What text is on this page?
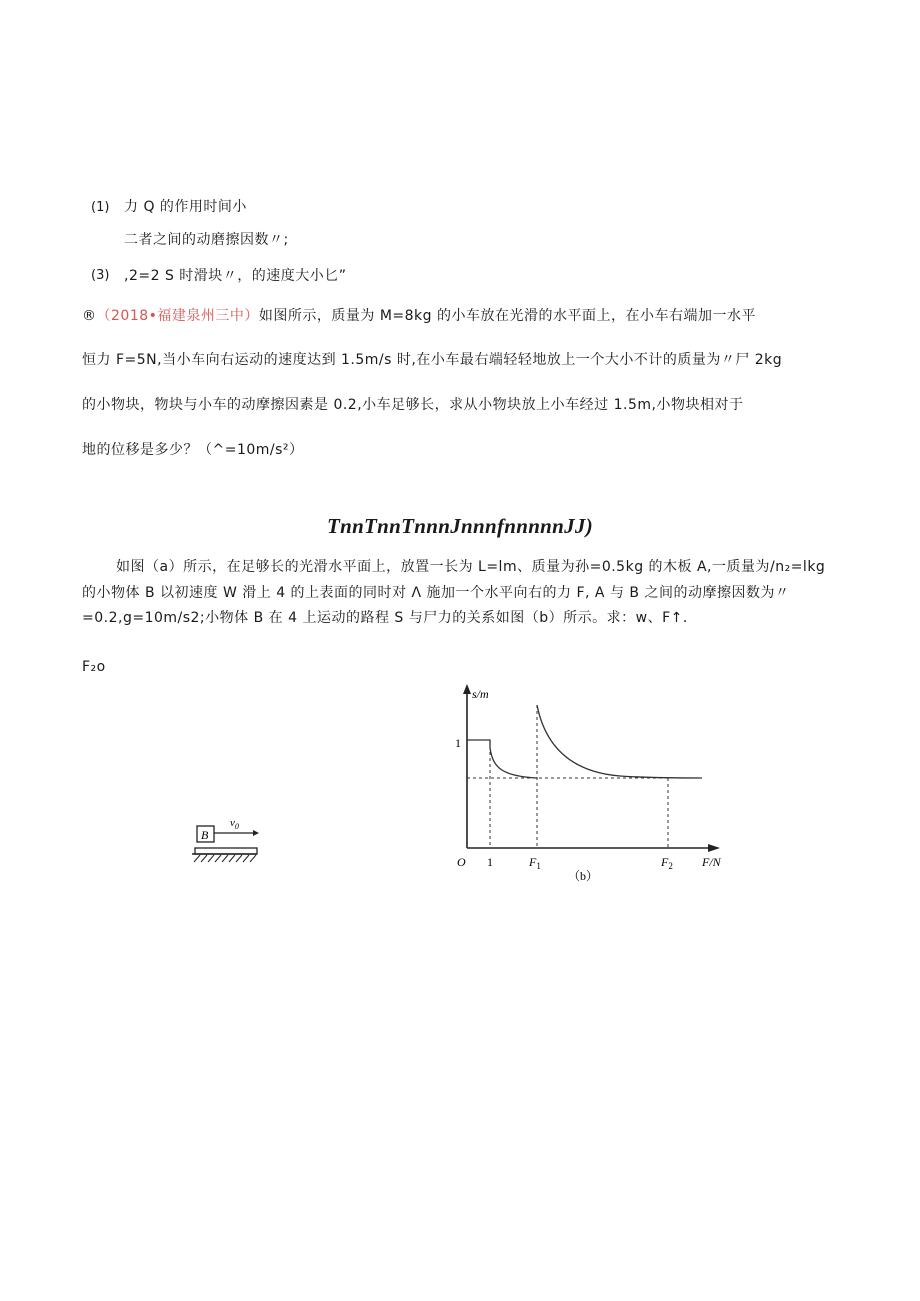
(1) 力 Q 的作用时间小
二者之间的动磨擦因数〃;
(3) ,2=2 S 时滑块〃，的速度大小匕”
®（2018•福建泉州三中）如图所示，质量为 M=8kg 的小车放在光滑的水平面上，在小车右端加一水平
恒力 F=5N,当小车向右运动的速度达到 1.5m/s 时,在小车最右端轻轻地放上一个大小不计的质量为〃尸 2kg
的小物块，物块与小车的动摩擦因素是 0.2,小车足够长，求从小物块放上小车经过 1.5m,小物块相对于
地的位移是多少？（^=10m/s²）
TnnTnnTnnnJnnnfnnnnnJJ)
如图（a）所示，在足够长的光滑水平面上，放置一长为 L=lm、质量为孙=0.5kg 的木板 A,一质量为/n₂=lkg
的小物体 B 以初速度 W 滑上 4 的上表面的同时对 Λ 施加一个水平向右的力 F, A 与 B 之间的动摩擦因数为〃
=0.2,g=10m/s2;小物体 B 在 4 上运动的路程 S 与尸力的关系如图（b）所示。求：w、F↑.
F₂o
B
$v_0$
s/m
1
O 1	$F_1$	$F_2$ F/N
（b）
